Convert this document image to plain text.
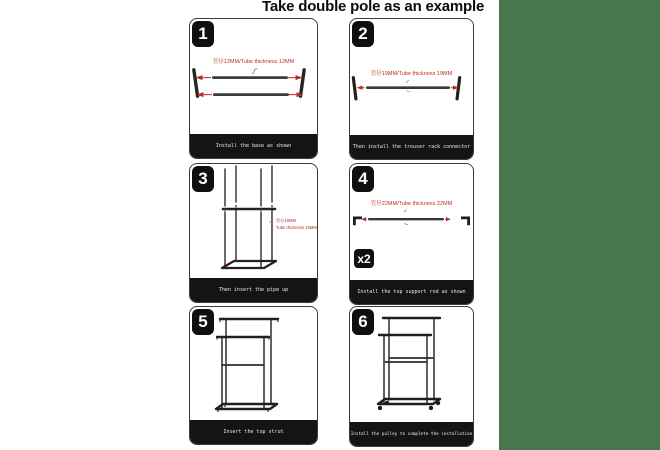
Take double pole as an example
1
管径12MM/Tube thickness 12MM
Install the base as shown
2
管径19MM/Tube thickness 19MM
Then install the trouser rack connector
3
管径19MM
Tube thickness 19MM
Then insert the pipe up
4
管径22MM/Tube thickness 22MM
x2
Install the top support rod as shown
5
Insert the top strut
6
Install the pulley to complete the installation
